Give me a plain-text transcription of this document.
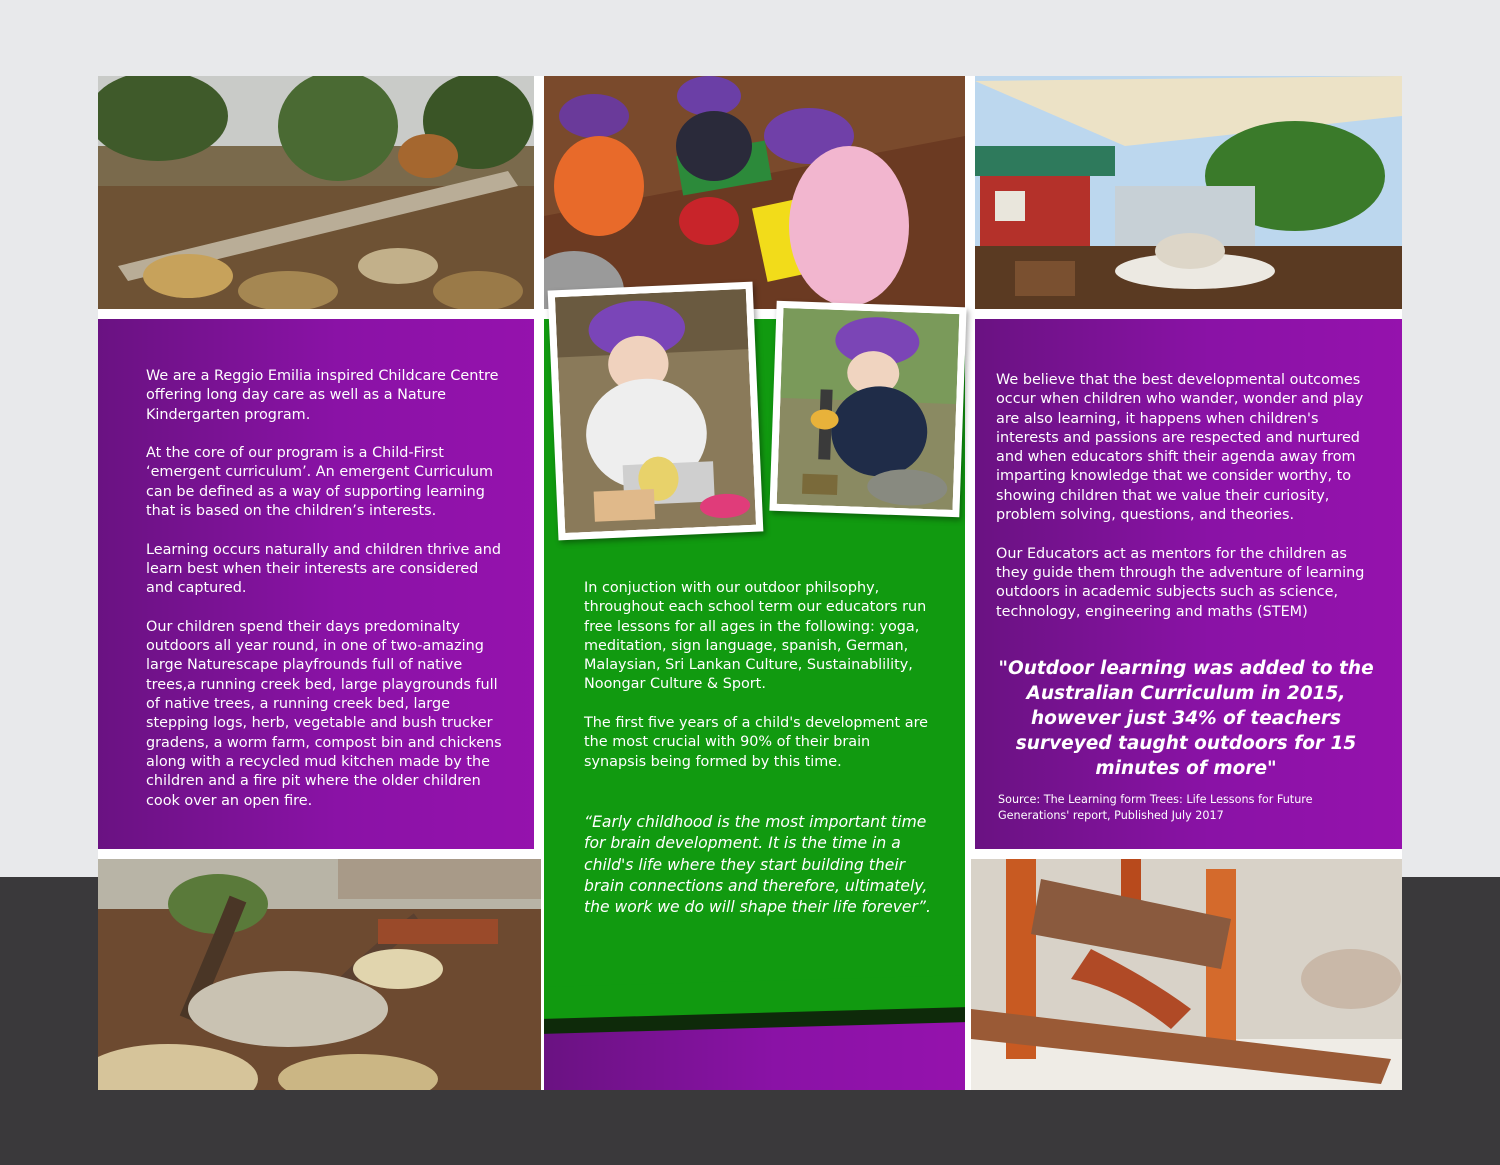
We are a Reggio Emilia inspired Childcare Centre offering long day care as well as a Nature Kindergarten program.

At the core of our program is a Child-First ‘emergent curriculum’. An emergent Curriculum can be defined as a way of supporting learning that is based on the children’s interests.

Learning occurs naturally and children thrive and learn best when their interests are considered and captured.

Our children spend their days predominalty outdoors all year round, in one of two-amazing large Naturescape playfrounds full of native trees,a running creek bed, large playgrounds full of native trees, a running creek bed, large stepping logs, herb, vegetable and bush trucker gradens, a worm farm, compost bin and chickens along with a recycled mud kitchen made by the children and a fire pit where the older children cook over an open fire.

In conjuction with our outdoor philsophy, throughout each school term our educators run free lessons for all ages in the following: yoga, meditation, sign language, spanish, German, Malaysian, Sri Lankan Culture, Sustainablility, Noongar Culture & Sport.

The first five years of a child's development are the most crucial with 90% of their brain synapsis being formed by this time.

“Early childhood is the most important time for brain development. It is the time in a child's life where they start building their brain connections and therefore, ultimately, the work we do will shape their life forever”.

We believe that the best developmental outcomes occur when children who wander, wonder and play are also learning, it happens when children's interests and passions are respected and nurtured and when educators shift their agenda away from imparting knowledge that we consider worthy, to showing children that we value their curiosity, problem solving, questions, and theories.

Our Educators act as mentors for the children as they guide them through the adventure of learning outdoors in academic subjects such as science, technology, engineering and maths (STEM)

"Outdoor learning was added to the Australian Curriculum in 2015, however just 34% of teachers surveyed taught outdoors for 15 minutes of more"
Source: The Learning form Trees: Life Lessons for Future Generations' report, Published July 2017
